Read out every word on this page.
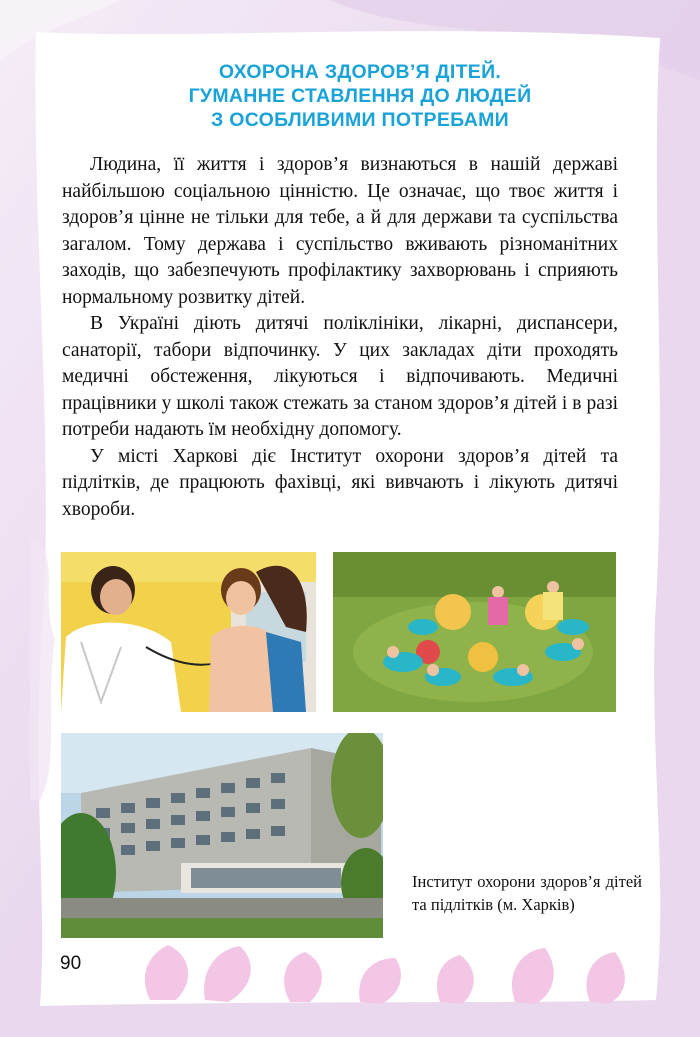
ОХОРОНА ЗДОРОВ’Я ДІТЕЙ.
ГУМАННЕ СТАВЛЕННЯ ДО ЛЮДЕЙ
З ОСОБЛИВИМИ ПОТРЕБАМИ

Людина, її життя і здоров’я визнаються в нашій державі найбільшою соціальною цінністю. Це означає, що твоє життя і здоров’я цінне не тільки для тебе, а й для держави та суспільства загалом. Тому держава і суспільство вживають різноманітних заходів, що забезпечують профілактику захворювань і сприяють нормальному розвитку дітей.

В Україні діють дитячі поліклініки, лікарні, диспансери, санаторії, табори відпочинку. У цих закладах діти проходять медичні обстеження, лікуються і відпочивають. Медичні працівники у школі також стежать за станом здоров’я дітей і в разі потреби надають їм необхідну допомогу.

У місті Харкові діє Інститут охорони здоров’я дітей та підлітків, де працюють фахівці, які вивчають і лікують дитячі хвороби.

Інститут охорони здоров’я дітей та підлітків (м. Харків)
90
